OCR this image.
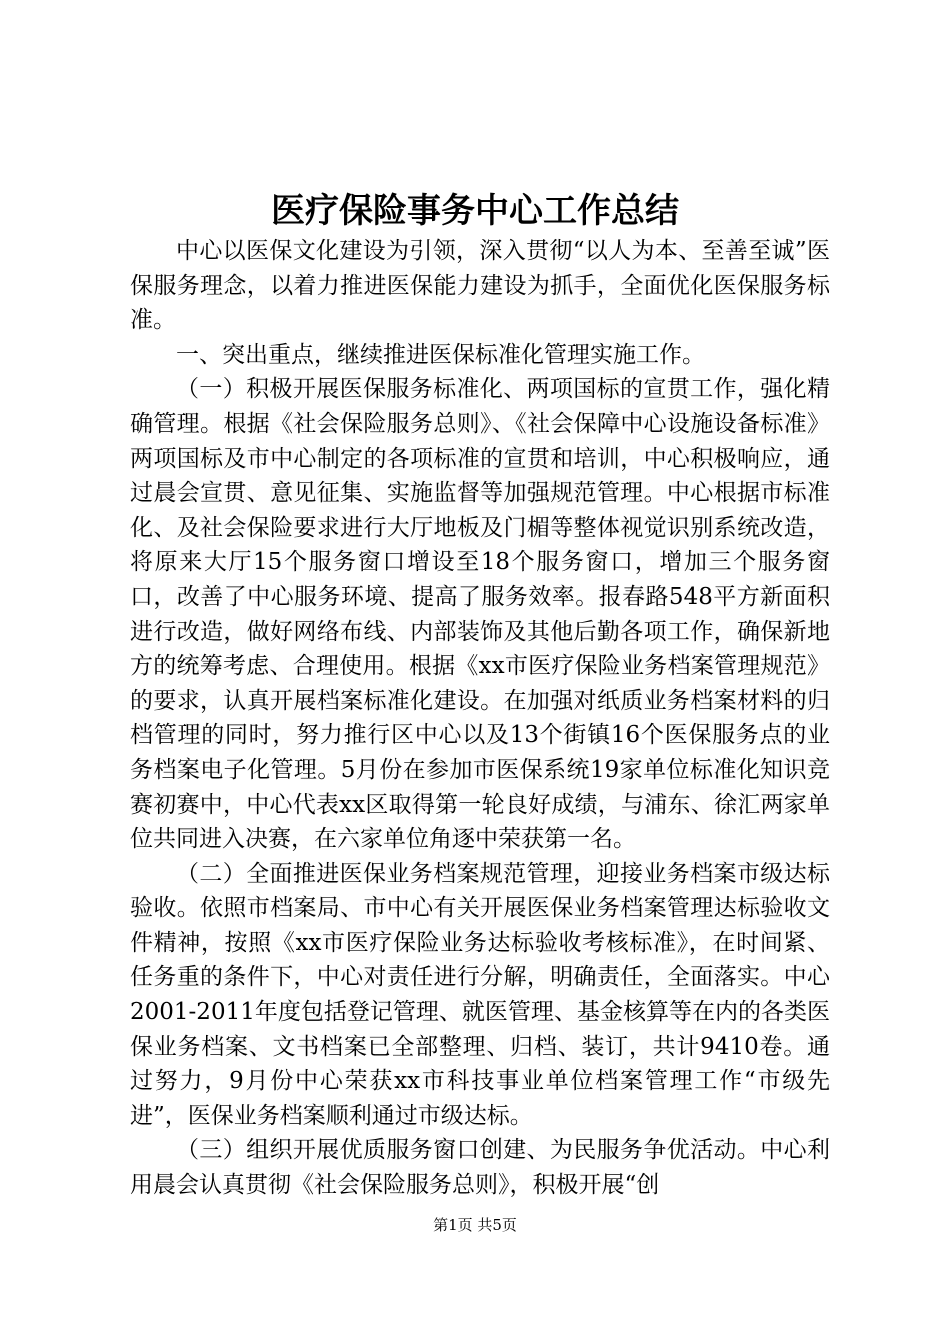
医疗保险事务中心工作总结

中心以医保文化建设为引领，深入贯彻“以人为本、至善至诚”医保服务理念，以着力推进医保能力建设为抓手，全面优化医保服务标准。

一、突出重点，继续推进医保标准化管理实施工作。

（一）积极开展医保服务标准化、两项国标的宣贯工作，强化精确管理。根据《社会保险服务总则》、《社会保障中心设施设备标准》两项国标及市中心制定的各项标准的宣贯和培训，中心积极响应，通过晨会宣贯、意见征集、实施监督等加强规范管理。中心根据市标准化、及社会保险要求进行大厅地板及门楣等整体视觉识别系统改造，将原来大厅15个服务窗口增设至18个服务窗口，增加三个服务窗口，改善了中心服务环境、提高了服务效率。报春路548平方新面积进行改造，做好网络布线、内部装饰及其他后勤各项工作，确保新地方的统筹考虑、合理使用。根据《xx市医疗保险业务档案管理规范》的要求，认真开展档案标准化建设。在加强对纸质业务档案材料的归档管理的同时，努力推行区中心以及13个街镇16个医保服务点的业务档案电子化管理。5月份在参加市医保系统19家单位标准化知识竞赛初赛中，中心代表xx区取得第一轮良好成绩，与浦东、徐汇两家单位共同进入决赛，在六家单位角逐中荣获第一名。

（二）全面推进医保业务档案规范管理，迎接业务档案市级达标验收。依照市档案局、市中心有关开展医保业务档案管理达标验收文件精神，按照《xx市医疗保险业务达标验收考核标准》，在时间紧、任务重的条件下，中心对责任进行分解，明确责任，全面落实。中心2001-2011年度包括登记管理、就医管理、基金核算等在内的各类医保业务档案、文书档案已全部整理、归档、装订，共计9410卷。通过努力，9月份中心荣获xx市科技事业单位档案管理工作“市级先进”，医保业务档案顺利通过市级达标。

（三）组织开展优质服务窗口创建、为民服务争优活动。中心利用晨会认真贯彻《社会保险服务总则》，积极开展“创

第1页 共5页
